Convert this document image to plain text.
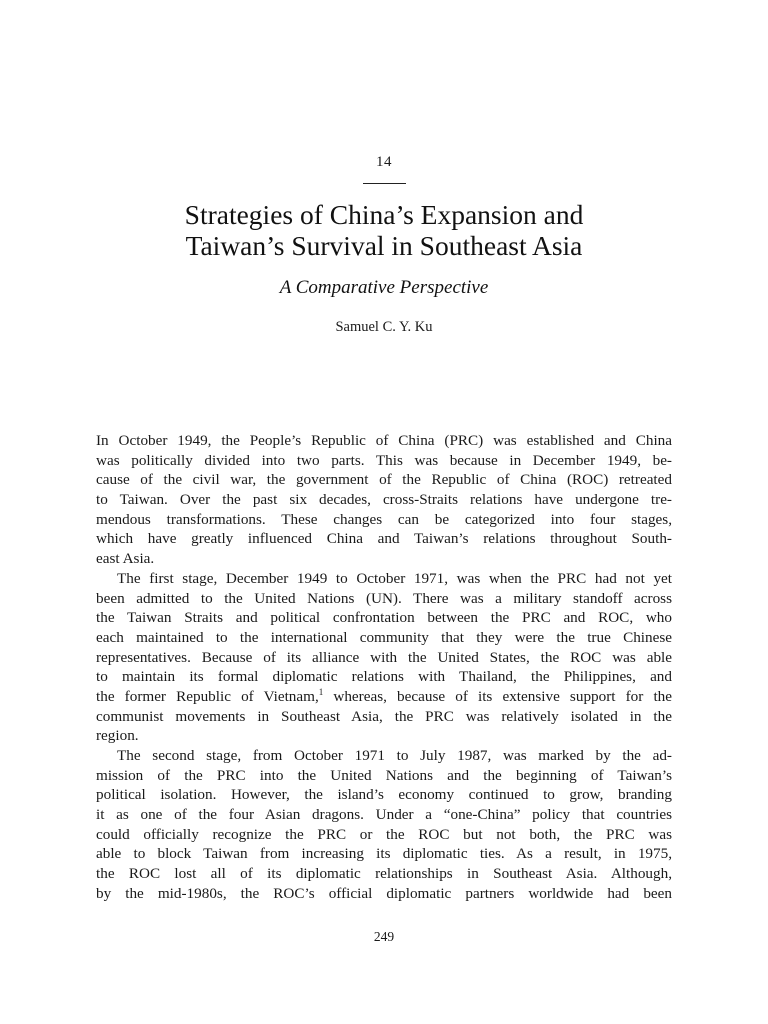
14
Strategies of China’s Expansion and
Taiwan’s Survival in Southeast Asia
A Comparative Perspective
Samuel C. Y. Ku
In October 1949, the People’s Republic of China (PRC) was established and China
was politically divided into two parts. This was because in December 1949, be-
cause of the civil war, the government of the Republic of China (ROC) retreated
to Taiwan. Over the past six decades, cross-Straits relations have undergone tre-
mendous transformations. These changes can be categorized into four stages,
which have greatly influenced China and Taiwan’s relations throughout South-
east Asia.
The first stage, December 1949 to October 1971, was when the PRC had not yet
been admitted to the United Nations (UN). There was a military standoff across
the Taiwan Straits and political confrontation between the PRC and ROC, who
each maintained to the international community that they were the true Chinese
representatives. Because of its alliance with the United States, the ROC was able
to maintain its formal diplomatic relations with Thailand, the Philippines, and
the former Republic of Vietnam,$^1$ whereas, because of its extensive support for the
communist movements in Southeast Asia, the PRC was relatively isolated in the
region.
The second stage, from October 1971 to July 1987, was marked by the ad-
mission of the PRC into the United Nations and the beginning of Taiwan’s
political isolation. However, the island’s economy continued to grow, branding
it as one of the four Asian dragons. Under a “one-China” policy that countries
could officially recognize the PRC or the ROC but not both, the PRC was
able to block Taiwan from increasing its diplomatic ties. As a result, in 1975,
the ROC lost all of its diplomatic relationships in Southeast Asia. Although,
by the mid-1980s, the ROC’s official diplomatic partners worldwide had been
249
